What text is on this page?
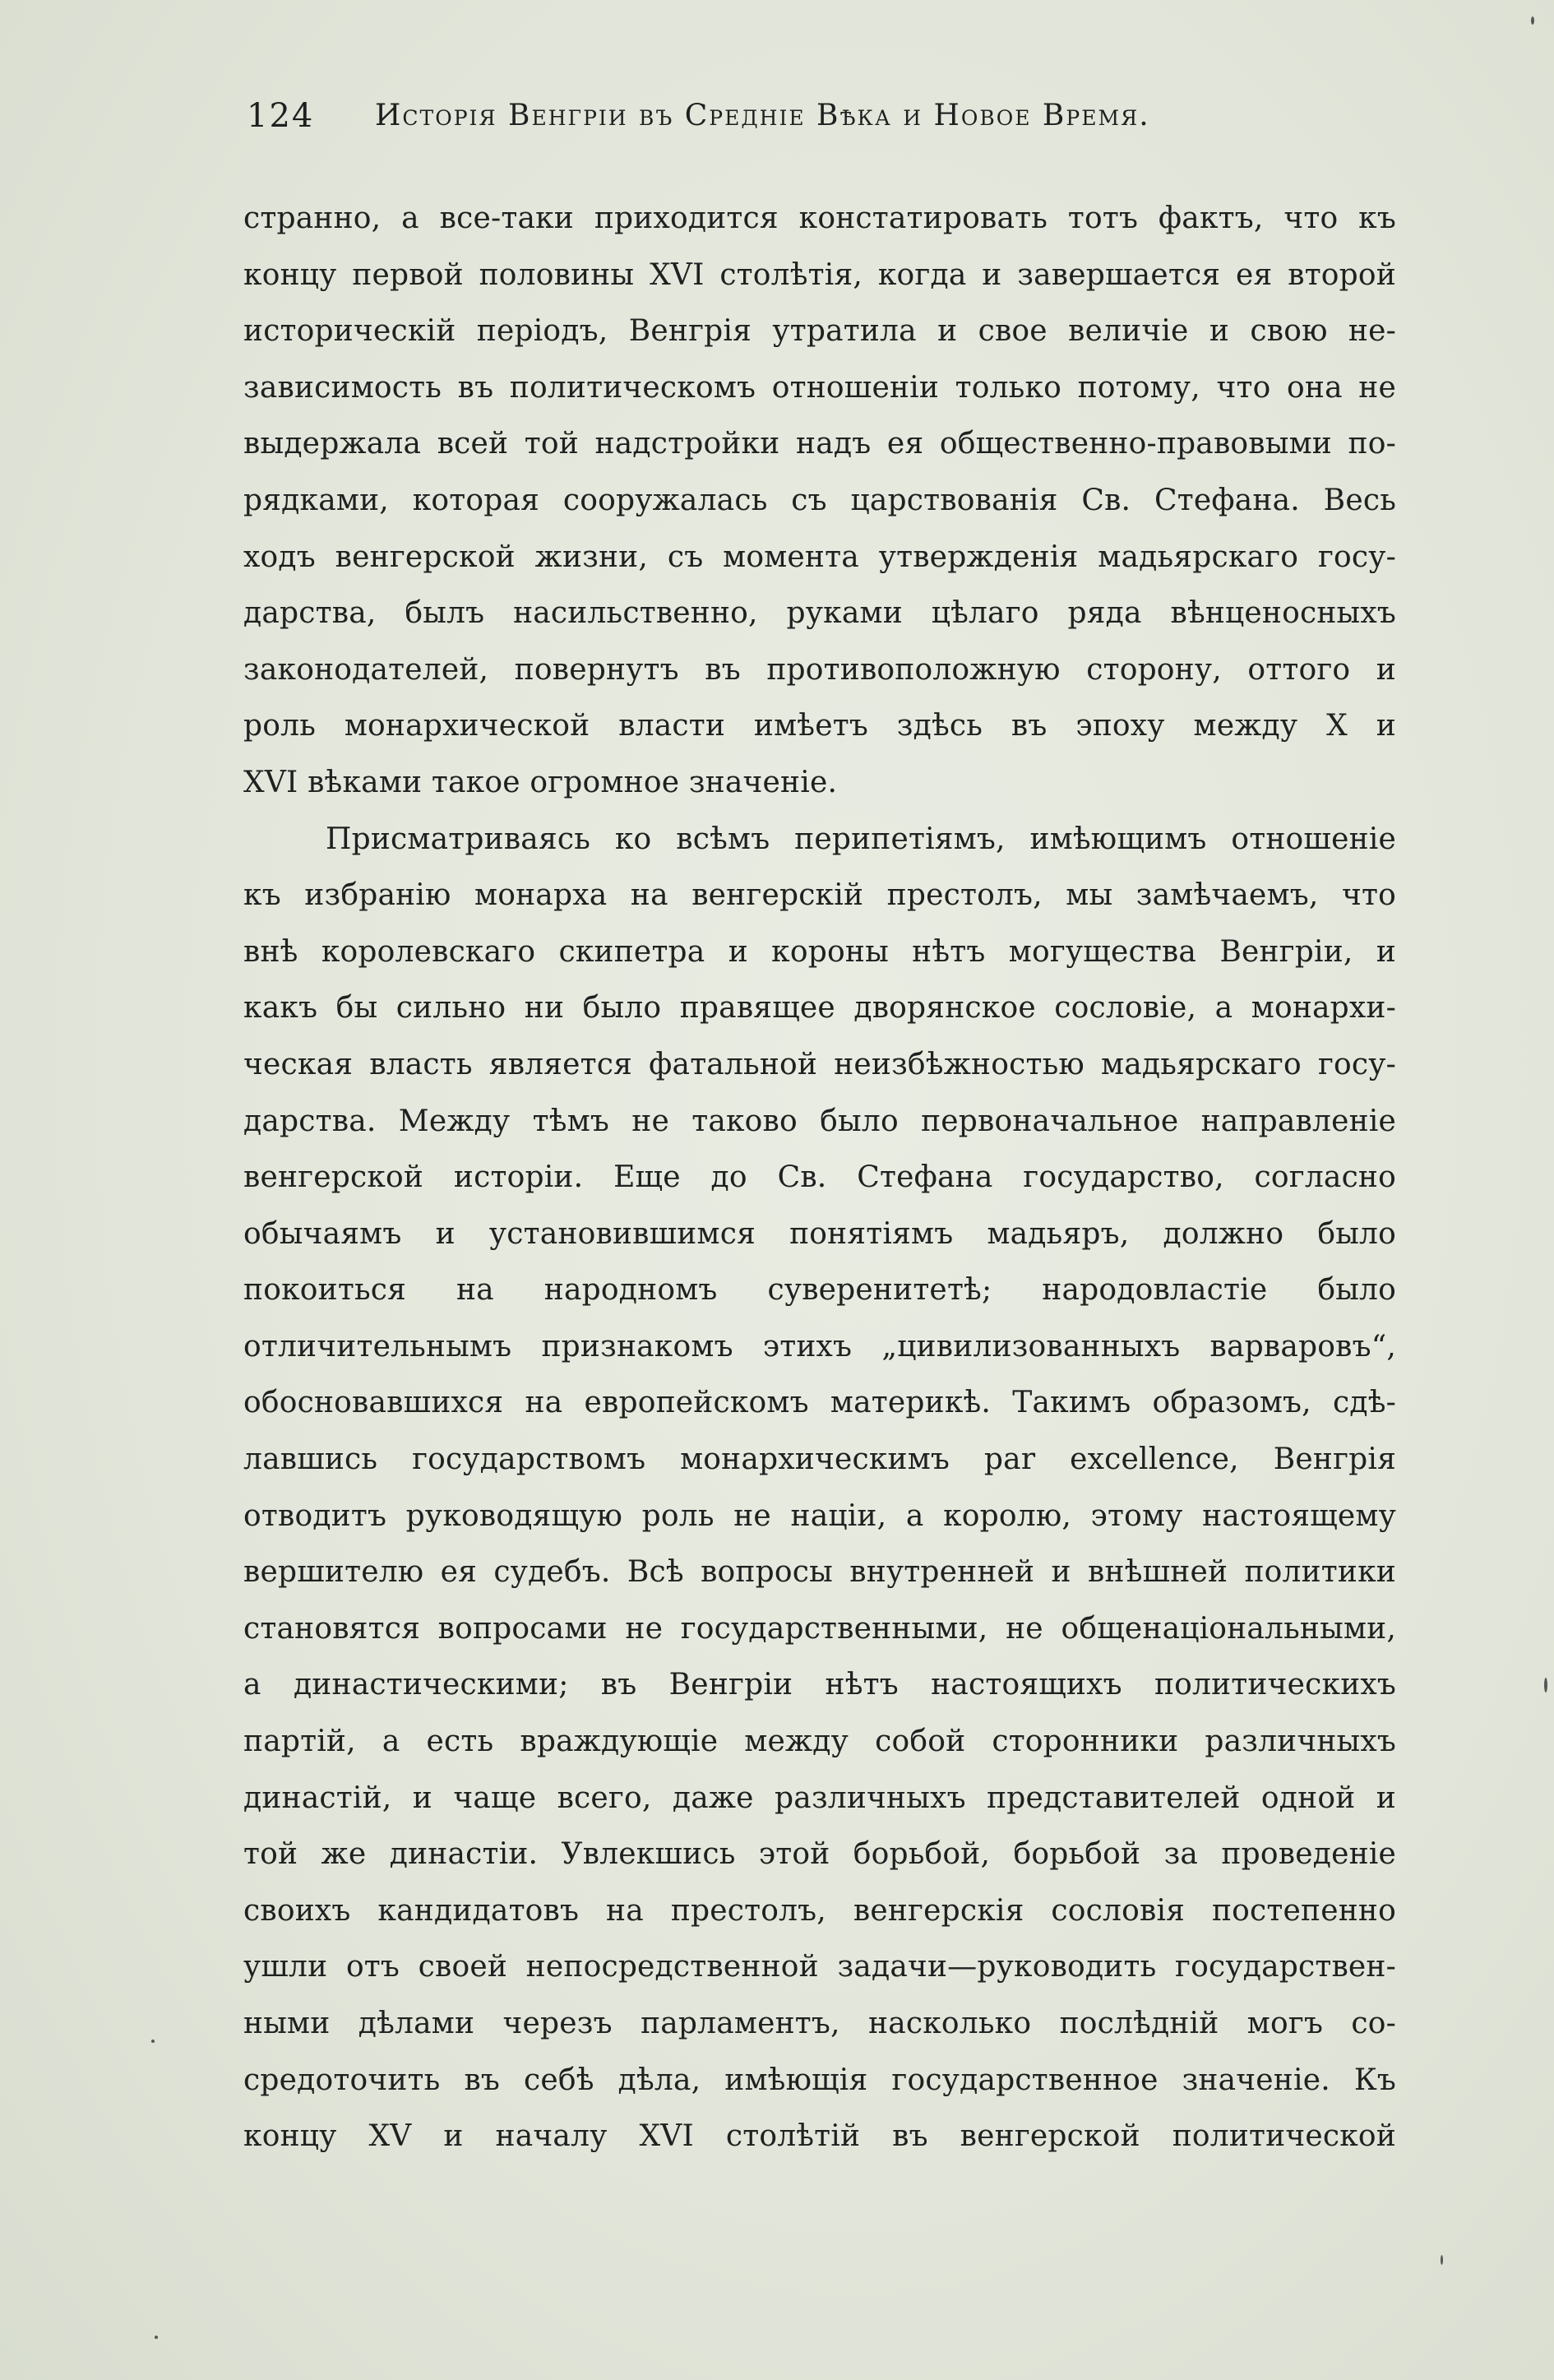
124 Исторія Венгріи въ Среднiе Вѣка и Новое Время.
странно, а все-таки приходится констатировать тотъ фактъ, что къ
концу первой половины XVI столѣтія, когда и завершается ея второй
историческій періодъ, Венгрія утратила и свое величіе и свою не-
зависимость въ политическомъ отношеніи только потому, что она не
выдержала всей той надстройки надъ ея общественно-правовыми по-
рядками, которая сооружалась съ царствованія Св. Стефана. Весь
ходъ венгерской жизни, съ момента утвержденія мадьярскаго госу-
дарства, былъ насильственно, руками цѣлаго ряда вѣнценосныхъ
законодателей, повернутъ въ противоположную сторону, оттого и
роль монархической власти имѣетъ здѣсь въ эпоху между X и
XVI вѣками такое огромное значеніе.
Присматриваясь ко всѣмъ перипетіямъ, имѣющимъ отношеніе
къ избранію монарха на венгерскій престолъ, мы замѣчаемъ, что
внѣ королевскаго скипетра и короны нѣтъ могущества Венгріи, и
какъ бы сильно ни было правящее дворянское сословіе, а монархи-
ческая власть является фатальной неизбѣжностью мадьярскаго госу-
дарства. Между тѣмъ не таково было первоначальное направленіе
венгерской исторіи. Еще до Св. Стефана государство, согласно
обычаямъ и установившимся понятіямъ мадьяръ, должно было
покоиться на народномъ суверенитетѣ; народовластіе было
отличительнымъ признакомъ этихъ „цивилизованныхъ варваровъ“,
обосновавшихся на европейскомъ материкѣ. Такимъ образомъ, сдѣ-
лавшись государствомъ монархическимъ par excellence, Венгрія
отводитъ руководящую роль не націи, а королю, этому настоящему
вершителю ея судебъ. Всѣ вопросы внутренней и внѣшней политики
становятся вопросами не государственными, не общенаціональными,
а династическими; въ Венгріи нѣтъ настоящихъ политическихъ
партій, а есть враждующіе между собой сторонники различныхъ
династій, и чаще всего, даже различныхъ представителей одной и
той же династіи. Увлекшись этой борьбой, борьбой за проведеніе
своихъ кандидатовъ на престолъ, венгерскія сословія постепенно
ушли отъ своей непосредственной задачи—руководить государствен-
ными дѣлами черезъ парламентъ, насколько послѣдній могъ со-
средоточить въ себѣ дѣла, имѣющія государственное значеніе. Къ
концу XV и началу XVI столѣтій въ венгерской политической
